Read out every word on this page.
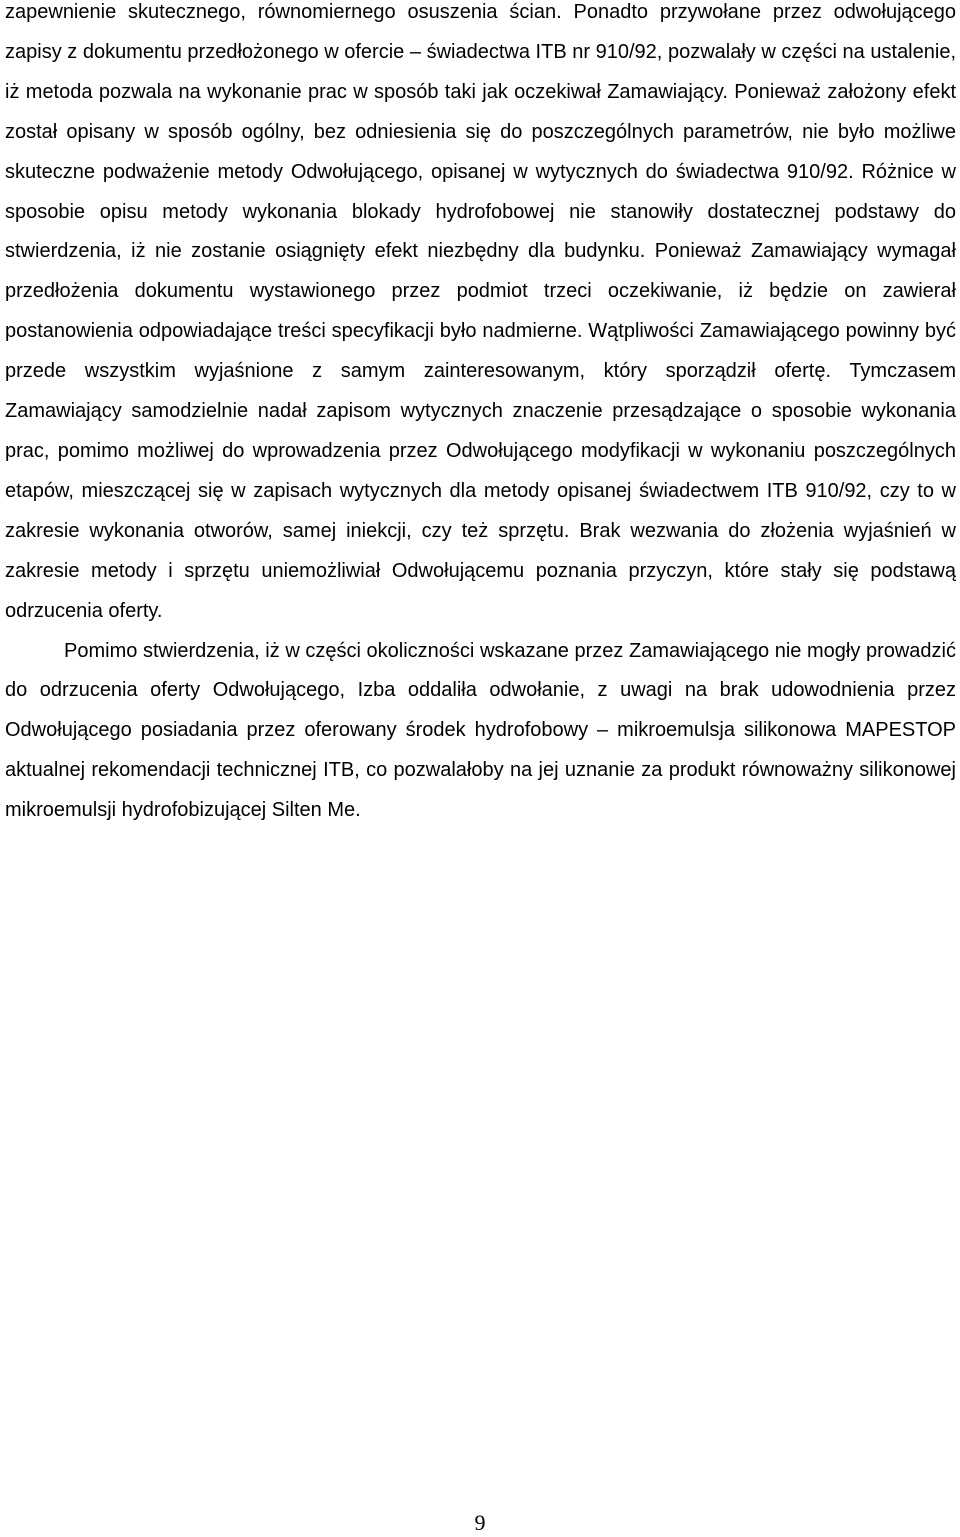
zapewnienie skutecznego, równomiernego osuszenia ścian. Ponadto przywołane przez odwołującego zapisy z dokumentu przedłożonego w ofercie – świadectwa ITB nr 910/92, pozwalały w części na ustalenie, iż metoda pozwala na wykonanie prac w sposób taki jak oczekiwał Zamawiający. Ponieważ założony efekt został opisany w sposób ogólny, bez odniesienia się do poszczególnych parametrów, nie było możliwe skuteczne podważenie metody Odwołującego, opisanej w wytycznych do świadectwa 910/92. Różnice w sposobie opisu metody wykonania blokady hydrofobowej nie stanowiły dostatecznej podstawy do stwierdzenia, iż nie zostanie osiągnięty efekt niezbędny dla budynku. Ponieważ Zamawiający wymagał przedłożenia dokumentu wystawionego przez podmiot trzeci oczekiwanie, iż będzie on zawierał postanowienia odpowiadające treści specyfikacji było nadmierne. Wątpliwości Zamawiającego powinny być przede wszystkim wyjaśnione z samym zainteresowanym, który sporządził ofertę. Tymczasem Zamawiający samodzielnie nadał zapisom wytycznych znaczenie przesądzające o sposobie wykonania prac, pomimo możliwej do wprowadzenia przez Odwołującego modyfikacji w wykonaniu poszczególnych etapów, mieszczącej się w zapisach wytycznych dla metody opisanej świadectwem ITB 910/92, czy to w zakresie wykonania otworów, samej iniekcji, czy też sprzętu. Brak wezwania do złożenia wyjaśnień w zakresie metody i sprzętu uniemożliwiał Odwołującemu poznania przyczyn, które stały się podstawą odrzucenia oferty.

Pomimo stwierdzenia, iż w części okoliczności wskazane przez Zamawiającego nie mogły prowadzić do odrzucenia oferty Odwołującego, Izba oddaliła odwołanie, z uwagi na brak udowodnienia przez Odwołującego posiadania przez oferowany środek hydrofobowy – mikroemulsja silikonowa MAPESTOP aktualnej rekomendacji technicznej ITB, co pozwalałoby na jej uznanie za produkt równoważny silikonowej mikroemulsji hydrofobizującej Silten Me.

9
